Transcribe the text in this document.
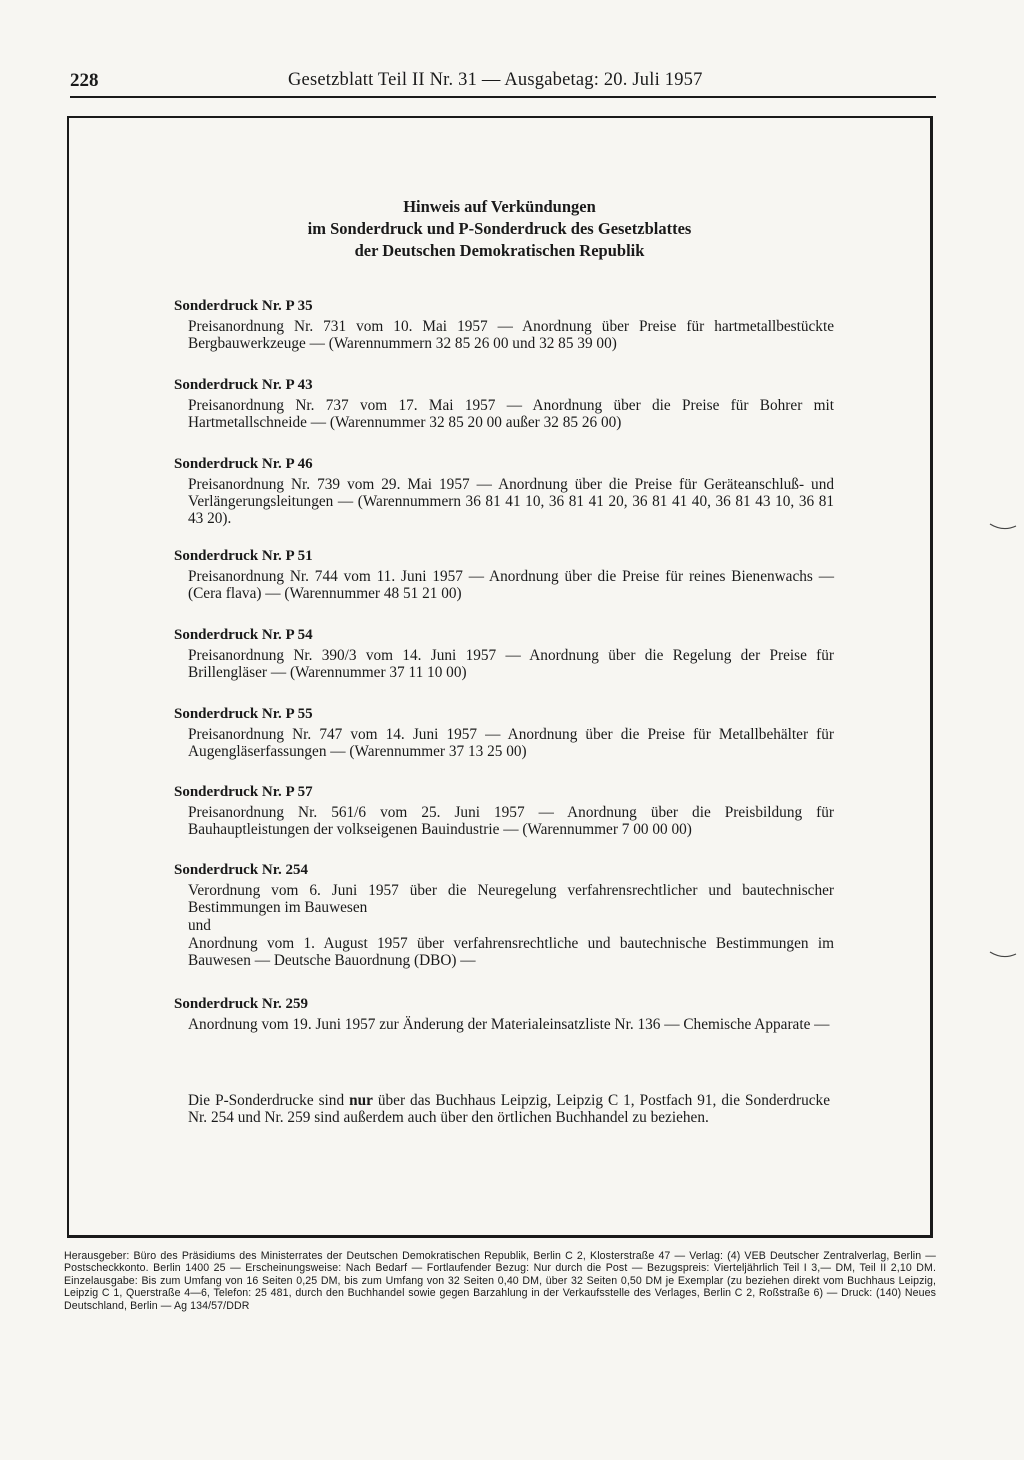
228	Gesetzblatt Teil II Nr. 31 — Ausgabetag: 20. Juli 1957
Hinweis auf Verkündungen
im Sonderdruck und P-Sonderdruck des Gesetzblattes
der Deutschen Demokratischen Republik

Sonderdruck Nr. P 35

Preisanordnung Nr. 731 vom 10. Mai 1957 — Anordnung über Preise für hartmetallbestückte Bergbauwerkzeuge — (Warennummern 32 85 26 00 und 32 85 39 00)

Sonderdruck Nr. P 43

Preisanordnung Nr. 737 vom 17. Mai 1957 — Anordnung über die Preise für Bohrer mit Hartmetallschneide — (Warennummer 32 85 20 00 außer 32 85 26 00)

Sonderdruck Nr. P 46

Preisanordnung Nr. 739 vom 29. Mai 1957 — Anordnung über die Preise für Geräteanschluß- und Verlängerungsleitungen — (Warennummern 36 81 41 10, 36 81 41 20, 36 81 41 40, 36 81 43 10, 36 81 43 20).

Sonderdruck Nr. P 51

Preisanordnung Nr. 744 vom 11. Juni 1957 — Anordnung über die Preise für reines Bienenwachs — (Cera flava) — (Warennummer 48 51 21 00)

Sonderdruck Nr. P 54

Preisanordnung Nr. 390/3 vom 14. Juni 1957 — Anordnung über die Regelung der Preise für Brillengläser — (Warennummer 37 11 10 00)

Sonderdruck Nr. P 55

Preisanordnung Nr. 747 vom 14. Juni 1957 — Anordnung über die Preise für Metallbehälter für Augengläserfassungen — (Warennummer 37 13 25 00)

Sonderdruck Nr. P 57

Preisanordnung Nr. 561/6 vom 25. Juni 1957 — Anordnung über die Preisbildung für Bauhauptleistungen der volkseigenen Bauindustrie — (Warennummer 7 00 00 00)

Sonderdruck Nr. 254

Verordnung vom 6. Juni 1957 über die Neuregelung verfahrensrechtlicher und bautechnischer Bestimmungen im Bauwesen

und

Anordnung vom 1. August 1957 über verfahrensrechtliche und bautechnische Bestimmungen im Bauwesen — Deutsche Bauordnung (DBO) —

Sonderdruck Nr. 259

Anordnung vom 19. Juni 1957 zur Änderung der Materialeinsatzliste Nr. 136 — Chemische Apparate —

Die P-Sonderdrucke sind nur über das Buchhaus Leipzig, Leipzig C 1, Postfach 91, die Sonderdrucke Nr. 254 und Nr. 259 sind außerdem auch über den örtlichen Buchhandel zu beziehen.
Herausgeber: Büro des Präsidiums des Ministerrates der Deutschen Demokratischen Republik, Berlin C 2, Klosterstraße 47 — Verlag: (4) VEB Deutscher Zentralverlag, Berlin — Postscheckkonto. Berlin 1400 25 — Erscheinungsweise: Nach Bedarf — Fortlaufender Bezug: Nur durch die Post — Bezugspreis: Vierteljährlich Teil I 3,— DM, Teil II 2,10 DM. Einzelausgabe: Bis zum Umfang von 16 Seiten 0,25 DM, bis zum Umfang von 32 Seiten 0,40 DM, über 32 Seiten 0,50 DM je Exemplar (zu beziehen direkt vom Buchhaus Leipzig, Leipzig C 1, Querstraße 4—6, Telefon: 25 481, durch den Buchhandel sowie gegen Barzahlung in der Verkaufsstelle des Verlages, Berlin C 2, Roßstraße 6) — Druck: (140) Neues Deutschland, Berlin — Ag 134/57/DDR
